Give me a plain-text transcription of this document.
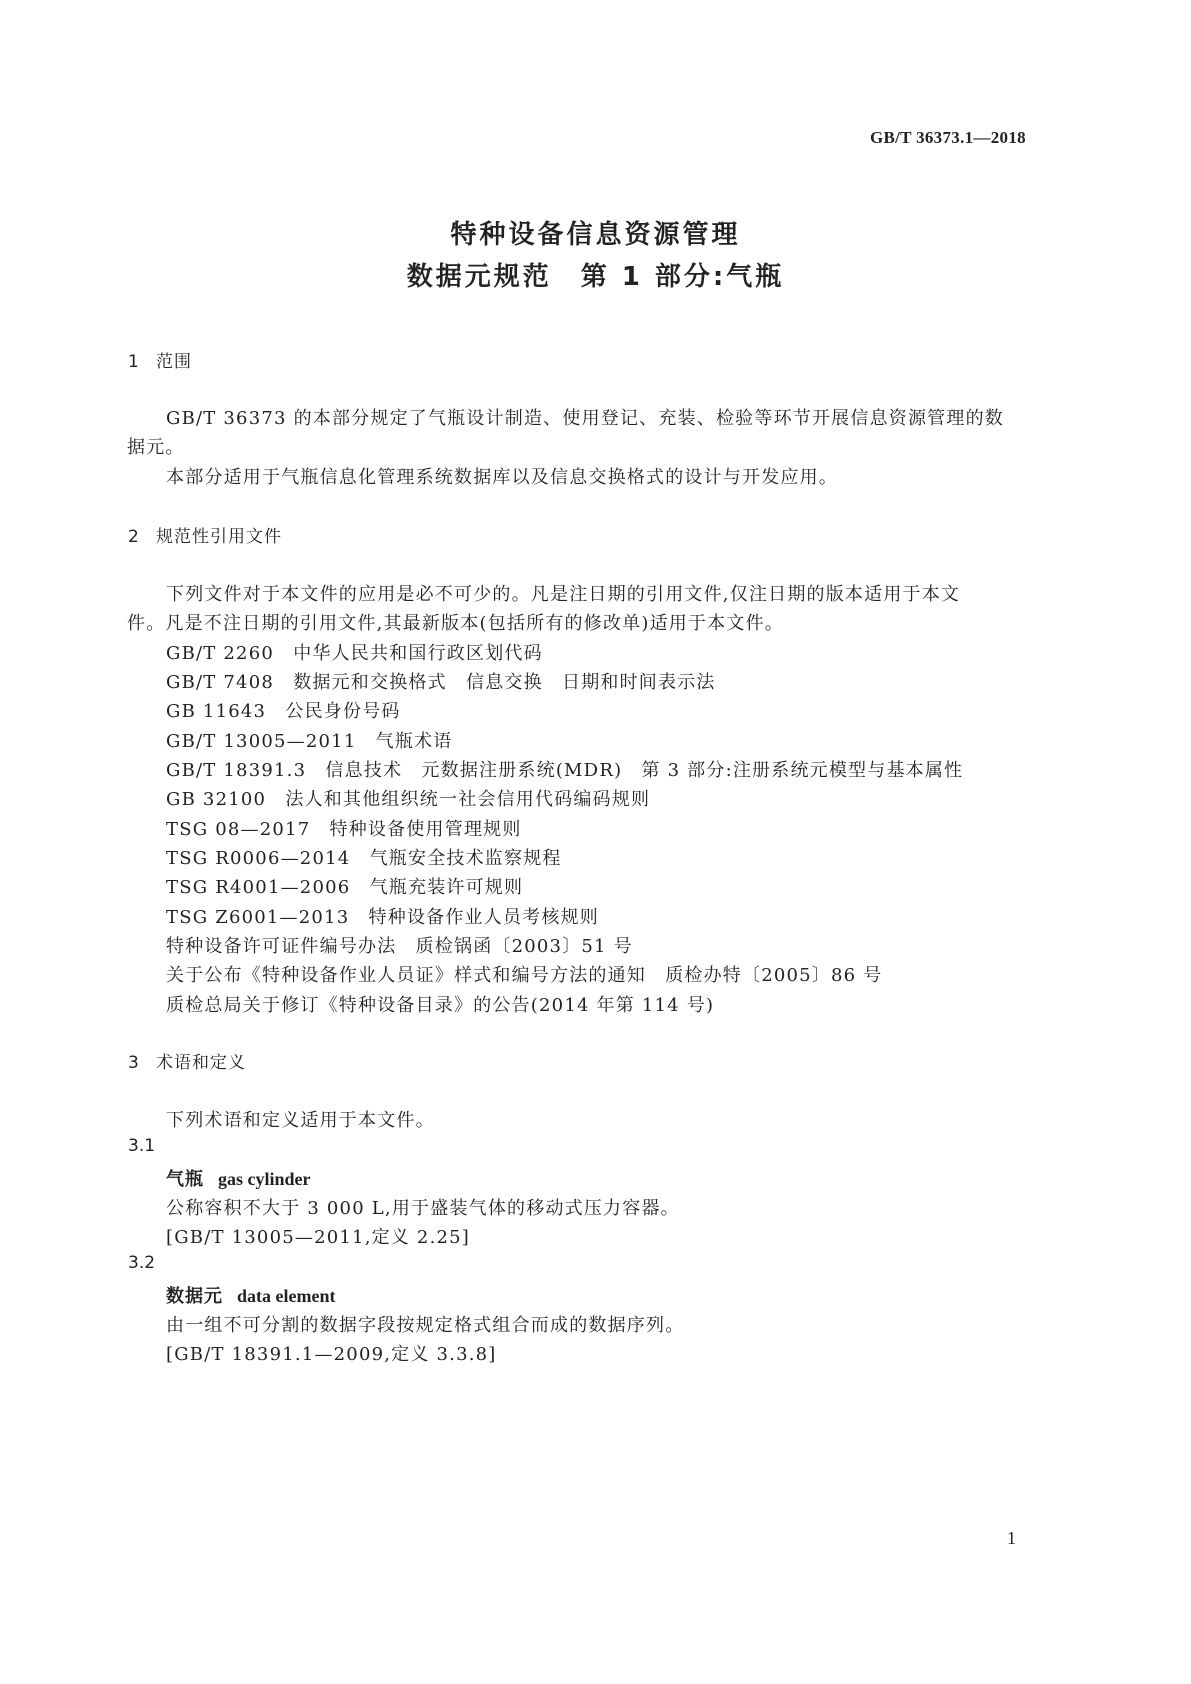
GB/T 36373.1—2018
特种设备信息资源管理
数据元规范　第 1 部分:气瓶
1 范围
GB/T 36373 的本部分规定了气瓶设计制造、使用登记、充装、检验等环节开展信息资源管理的数
据元。
本部分适用于气瓶信息化管理系统数据库以及信息交换格式的设计与开发应用。
2 规范性引用文件
下列文件对于本文件的应用是必不可少的。凡是注日期的引用文件,仅注日期的版本适用于本文
件。凡是不注日期的引用文件,其最新版本(包括所有的修改单)适用于本文件。
GB/T 2260　中华人民共和国行政区划代码
GB/T 7408　数据元和交换格式　信息交换　日期和时间表示法
GB 11643　公民身份号码
GB/T 13005—2011　气瓶术语
GB/T 18391.3　信息技术　元数据注册系统(MDR)　第 3 部分:注册系统元模型与基本属性
GB 32100　法人和其他组织统一社会信用代码编码规则
TSG 08—2017　特种设备使用管理规则
TSG R0006—2014　气瓶安全技术监察规程
TSG R4001—2006　气瓶充装许可规则
TSG Z6001—2013　特种设备作业人员考核规则
特种设备许可证件编号办法　质检锅函〔2003〕51 号
关于公布《特种设备作业人员证》样式和编号方法的通知　质检办特〔2005〕86 号
质检总局关于修订《特种设备目录》的公告(2014 年第 114 号)
3 术语和定义
下列术语和定义适用于本文件。
3.1
气瓶 gas cylinder
公称容积不大于 3 000 L,用于盛装气体的移动式压力容器。
[GB/T 13005—2011,定义 2.25]
3.2
数据元 data element
由一组不可分割的数据字段按规定格式组合而成的数据序列。
[GB/T 18391.1—2009,定义 3.3.8]
1
